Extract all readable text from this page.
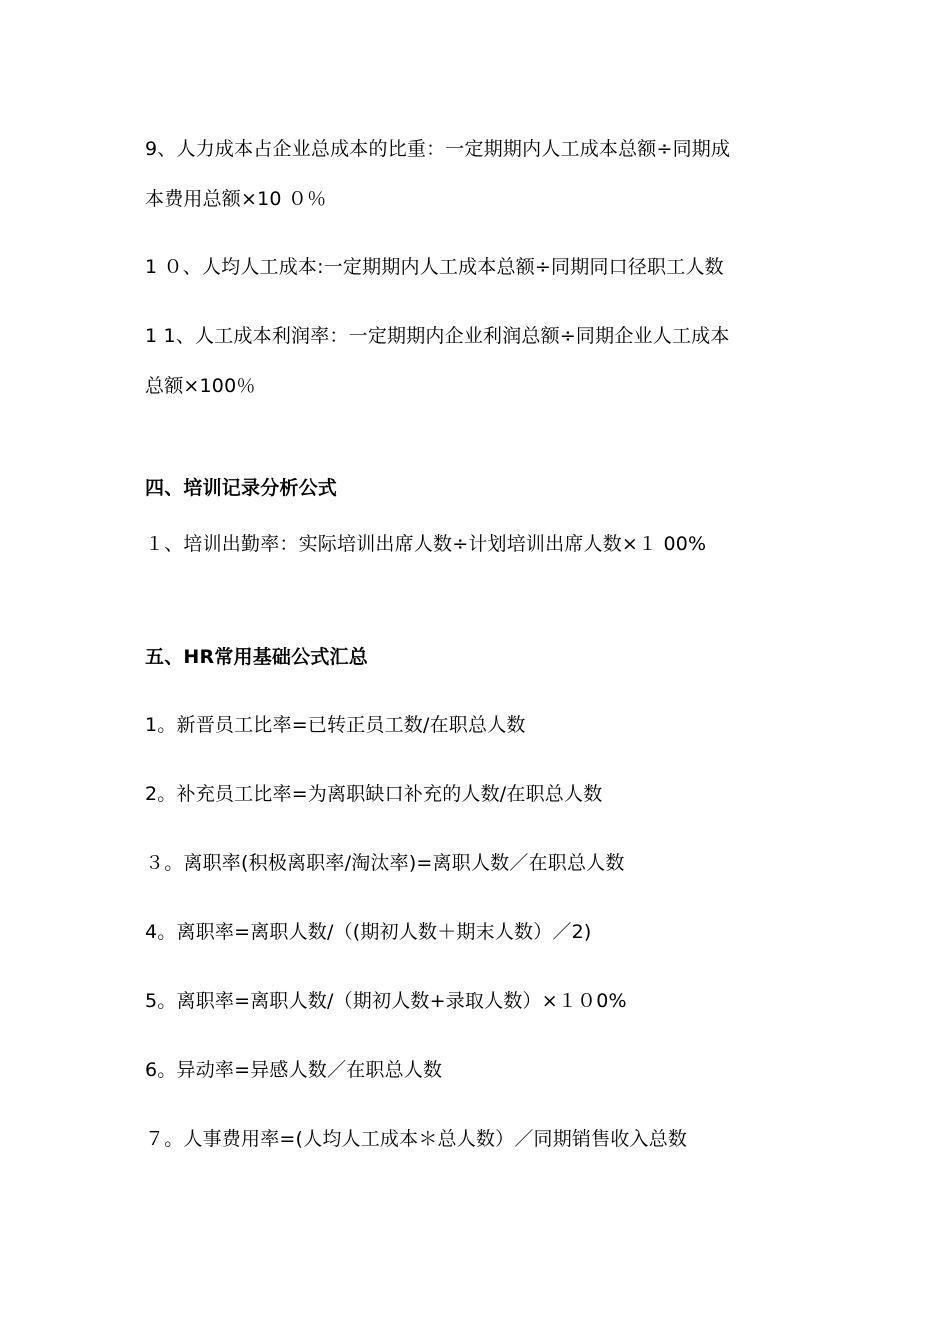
9、人力成本占企业总成本的比重：一定期期内人工成本总额÷同期成
本费用总额×10 ０％
1 ０、人均人工成本:一定期期内人工成本总额÷同期同口径职工人数
1 1、人工成本利润率：一定期期内企业利润总额÷同期企业人工成本
总额×100％
四、培训记录分析公式
１、培训出勤率：实际培训出席人数÷计划培训出席人数×１ 00%
五、HR常用基础公式汇总
1。新晋员工比率=已转正员工数/在职总人数
2。补充员工比率=为离职缺口补充的人数/在职总人数
３。离职率(积极离职率/淘汰率)=离职人数／在职总人数
4。离职率=离职人数/（(期初人数＋期末人数）／2)
5。离职率=离职人数/（期初人数+录取人数）×１０0%
6。异动率=异感人数／在职总人数
７。人事费用率=(人均人工成本＊总人数）／同期销售收入总数
